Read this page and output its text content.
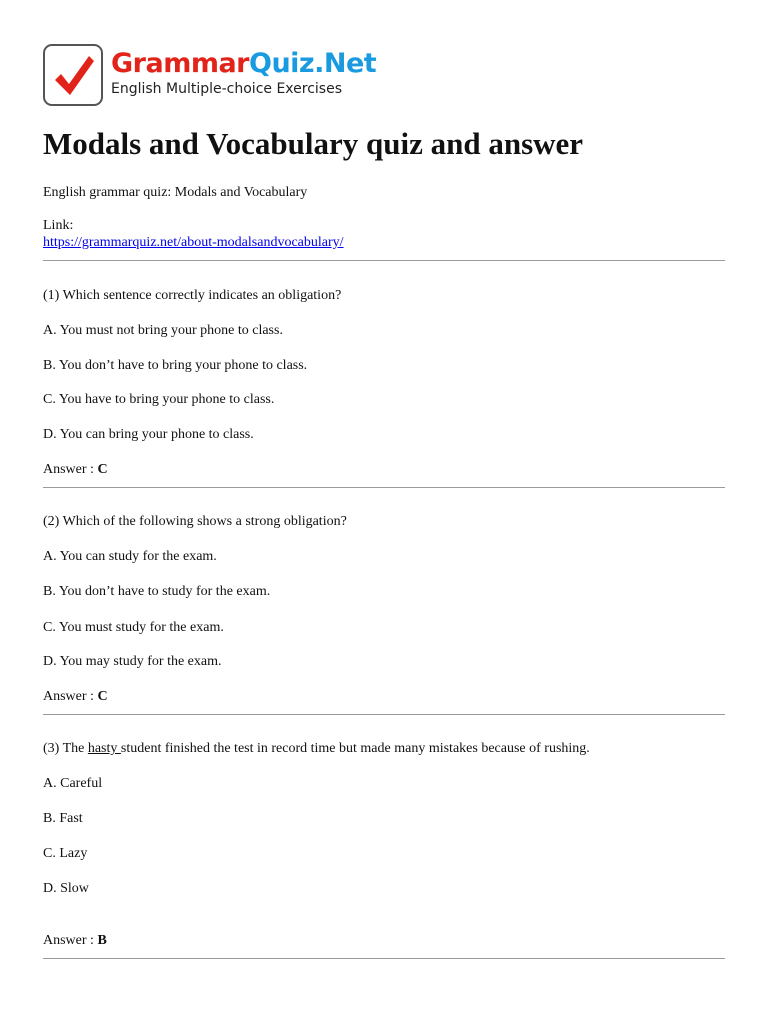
GrammarQuiz.Net
English Multiple-choice Exercises
Modals and Vocabulary quiz and answer

English grammar quiz: Modals and Vocabulary

Link:

https://grammarquiz.net/about-modalsandvocabulary/

(1) Which sentence correctly indicates an obligation?

A. You must not bring your phone to class.

B. You don’t have to bring your phone to class.

C. You have to bring your phone to class.

D. You can bring your phone to class.

Answer : C

(2) Which of the following shows a strong obligation?

A. You can study for the exam.

B. You don’t have to study for the exam.

C. You must study for the exam.

D. You may study for the exam.

Answer : C

(3) The hasty student finished the test in record time but made many mistakes because of rushing.

A. Careful

B. Fast

C. Lazy

D. Slow

Answer : B
